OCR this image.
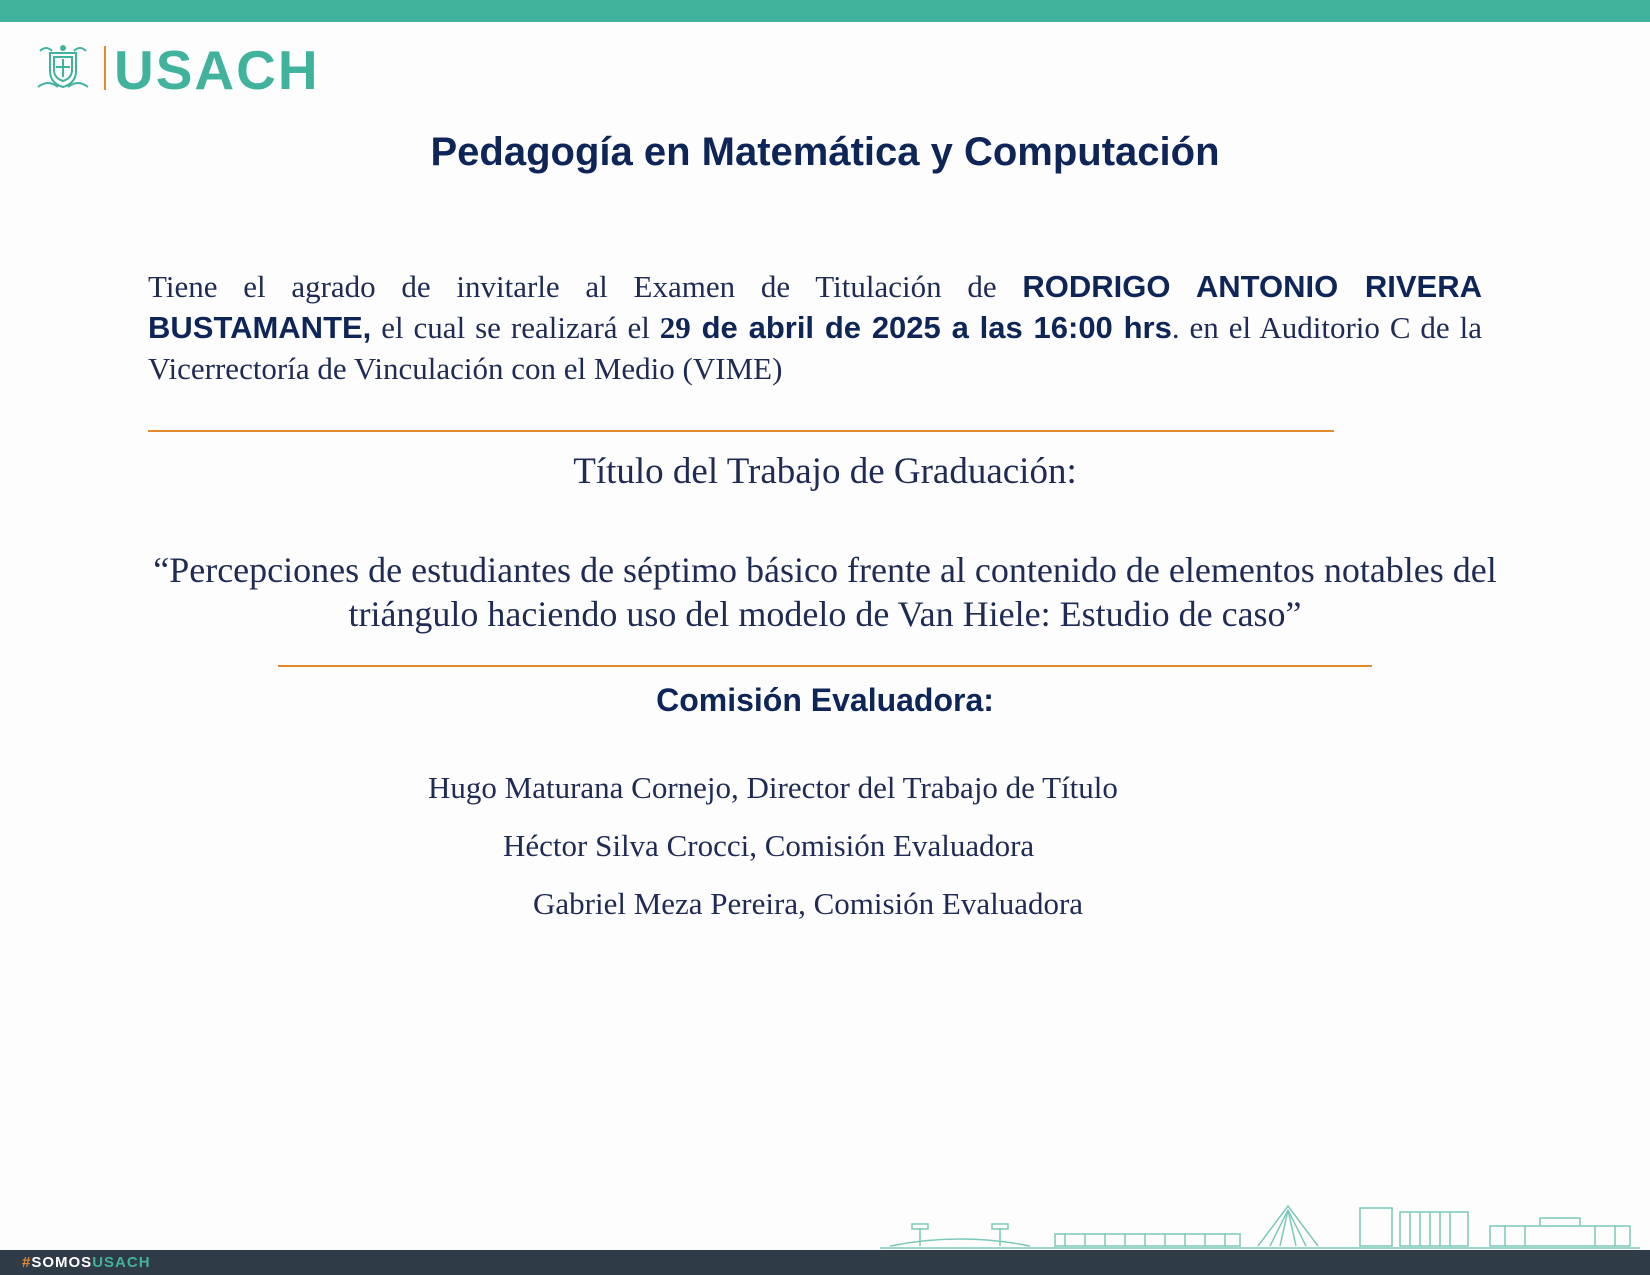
USACH
Pedagogía en Matemática y Computación

Tiene el agrado de invitarle al Examen de Titulación de RODRIGO ANTONIO RIVERA BUSTAMANTE, el cual se realizará el 29 de abril de 2025 a las 16:00 hrs. en el Auditorio C de la Vicerrectoría de Vinculación con el Medio (VIME)

Título del Trabajo de Graduación:
“Percepciones de estudiantes de séptimo básico frente al contenido de elementos notables del triángulo haciendo uso del modelo de Van Hiele: Estudio de caso”
Comisión Evaluadora:
Hugo Maturana Cornejo, Director del Trabajo de Título
Héctor Silva Crocci, Comisión Evaluadora
Gabriel Meza Pereira, Comisión Evaluadora
#SOMOSUSACH
